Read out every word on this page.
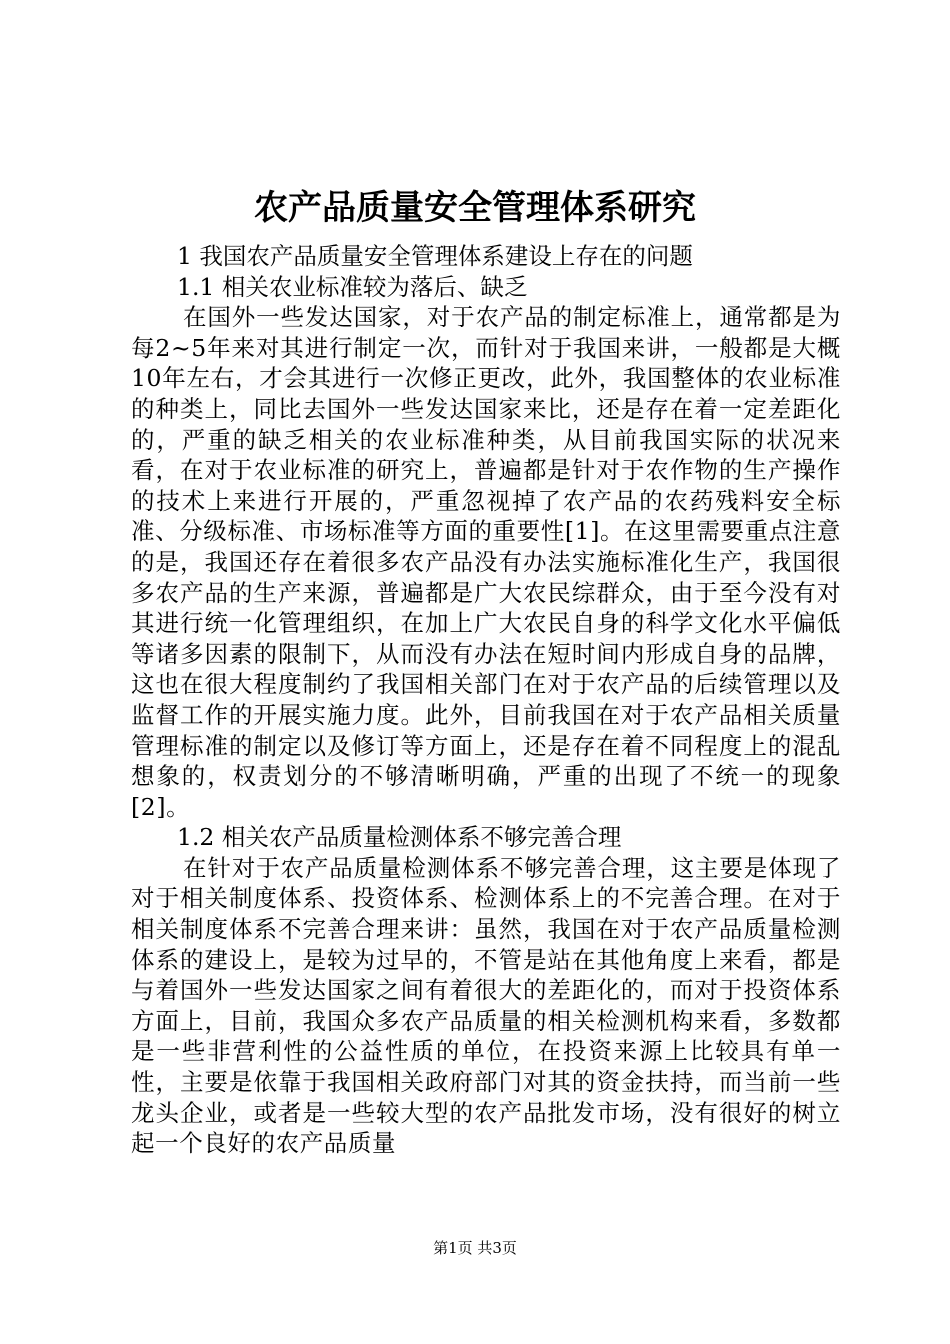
农产品质量安全管理体系研究

1 我国农产品质量安全管理体系建设上存在的问题

1.1 相关农业标准较为落后、缺乏

在国外一些发达国家，对于农产品的制定标准上，通常都是为每2~5年来对其进行制定一次，而针对于我国来讲，一般都是大概10年左右，才会其进行一次修正更改，此外，我国整体的农业标准的种类上，同比去国外一些发达国家来比，还是存在着一定差距化的，严重的缺乏相关的农业标准种类，从目前我国实际的状况来看，在对于农业标准的研究上，普遍都是针对于农作物的生产操作的技术上来进行开展的，严重忽视掉了农产品的农药残料安全标准、分级标准、市场标准等方面的重要性[1]。在这里需要重点注意的是，我国还存在着很多农产品没有办法实施标准化生产，我国很多农产品的生产来源，普遍都是广大农民综群众，由于至今没有对其进行统一化管理组织，在加上广大农民自身的科学文化水平偏低等诸多因素的限制下，从而没有办法在短时间内形成自身的品牌，这也在很大程度制约了我国相关部门在对于农产品的后续管理以及监督工作的开展实施力度。此外，目前我国在对于农产品相关质量管理标准的制定以及修订等方面上，还是存在着不同程度上的混乱想象的，权责划分的不够清晰明确，严重的出现了不统一的现象[2]。

1.2 相关农产品质量检测体系不够完善合理

在针对于农产品质量检测体系不够完善合理，这主要是体现了对于相关制度体系、投资体系、检测体系上的不完善合理。在对于相关制度体系不完善合理来讲：虽然，我国在对于农产品质量检测体系的建设上，是较为过早的，不管是站在其他角度上来看，都是与着国外一些发达国家之间有着很大的差距化的，而对于投资体系方面上，目前，我国众多农产品质量的相关检测机构来看，多数都是一些非营利性的公益性质的单位，在投资来源上比较具有单一性，主要是依靠于我国相关政府部门对其的资金扶持，而当前一些龙头企业，或者是一些较大型的农产品批发市场，没有很好的树立起一个良好的农产品质量

第1页 共3页
